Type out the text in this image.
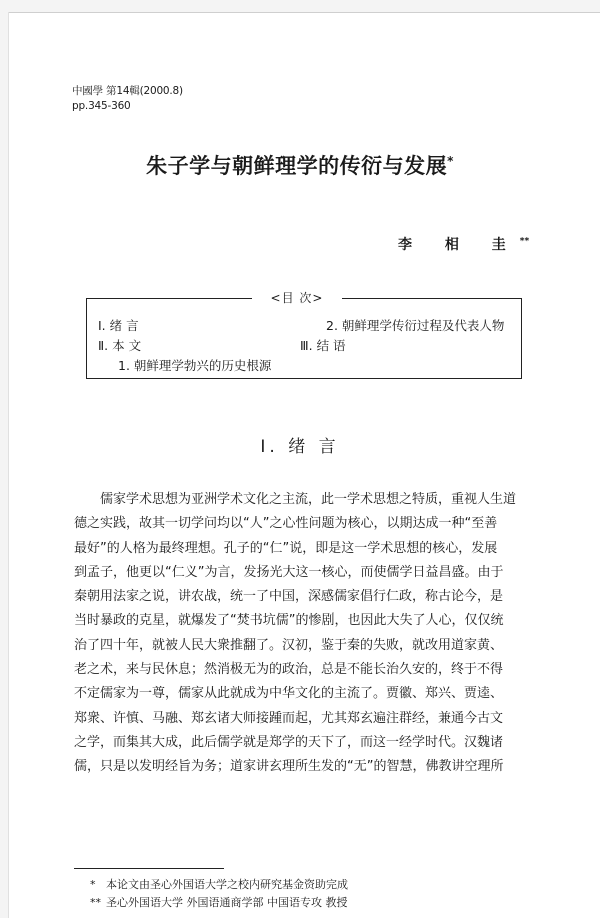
中國學 第14輯(2000.8)
pp.345-360
朱子学与朝鲜理学的传衍与发展*
李 相 圭**
<目 次>
Ⅰ. 绪 言	2. 朝鲜理学传衍过程及代表人物
Ⅱ. 本 文	Ⅲ. 结 语
1. 朝鲜理学勃兴的历史根源
Ⅰ. 绪 言
儒家学术思想为亚洲学术文化之主流，此一学术思想之特质，重视人生道
德之实践，故其一切学问均以“人”之心性问题为核心，以期达成一种“至善
最好”的人格为最终理想。孔子的“仁”说，即是这一学术思想的核心，发展
到孟子，他更以“仁义”为言，发扬光大这一核心，而使儒学日益昌盛。由于
秦朝用法家之说，讲农战，统一了中国，深感儒家倡行仁政，称古论今，是
当时暴政的克星，就爆发了“焚书坑儒”的惨剧，也因此大失了人心，仅仅统
治了四十年，就被人民大衆推翻了。汉初，鉴于秦的失败，就改用道家黄、
老之术，来与民休息；然消极无为的政治，总是不能长治久安的，终于不得
不定儒家为一尊，儒家从此就成为中华文化的主流了。贾徽、郑兴、贾逵、
郑衆、许慎、马融、郑玄诸大师接踵而起，尤其郑玄遍注群经，兼通今古文
之学，而集其大成，此后儒学就是郑学的天下了，而这一经学时代。汉魏诸
儒，只是以发明经旨为务；道家讲玄理所生发的“无”的智慧，佛教讲空理所
* 本论文由圣心外国语大学之校内研究基金资助完成
** 圣心外国语大学 外国语通商学部 中国语专攻 教授
